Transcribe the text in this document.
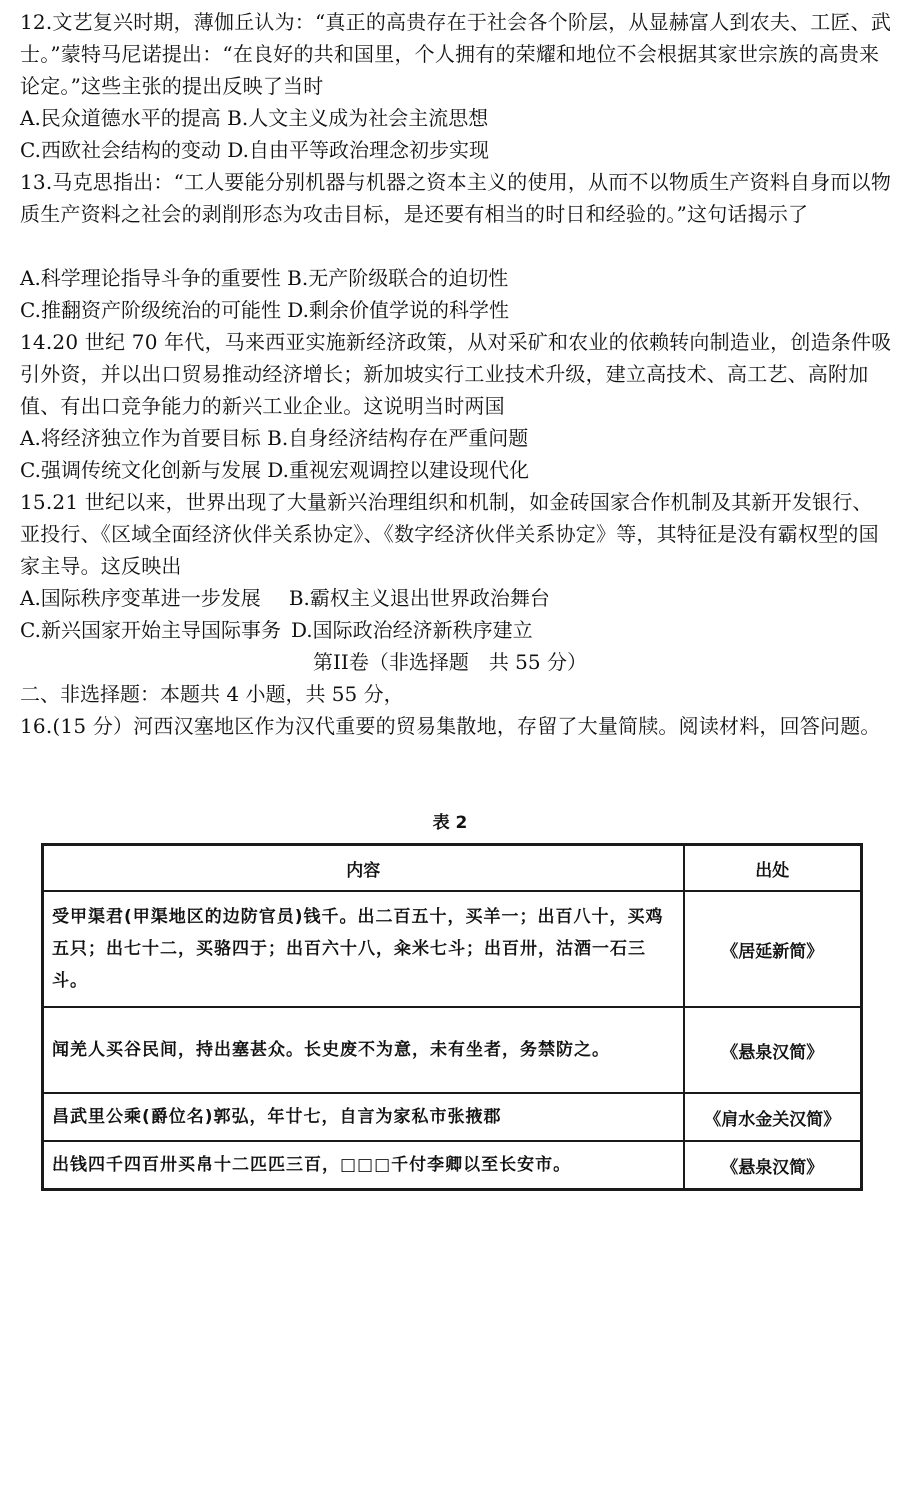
12.文艺复兴时期，薄伽丘认为：“真正的高贵存在于社会各个阶层，从显赫富人到农夫、工匠、武士。”蒙特马尼诺提出：“在良好的共和国里，个人拥有的荣耀和地位不会根据其家世宗族的高贵来论定。”这些主张的提出反映了当时

A.民众道德水平的提高 B.人文主义成为社会主流思想
C.西欧社会结构的变动 D.自由平等政治理念初步实现

13.马克思指出：“工人要能分别机器与机器之资本主义的使用，从而不以物质生产资料自身而以物质生产资料之社会的剥削形态为攻击目标，是还要有相当的时日和经验的。”这句话揭示了

A.科学理论指导斗争的重要性 B.无产阶级联合的迫切性
C.推翻资产阶级统治的可能性 D.剩余价值学说的科学性

14.20 世纪 70 年代，马来西亚实施新经济政策，从对采矿和农业的依赖转向制造业，创造条件吸引外资，并以出口贸易推动经济增长；新加坡实行工业技术升级，建立高技术、高工艺、高附加值、有出口竞争能力的新兴工业企业。这说明当时两国

A.将经济独立作为首要目标 B.自身经济结构存在严重问题
C.强调传统文化创新与发展 D.重视宏观调控以建设现代化

15.21 世纪以来，世界出现了大量新兴治理组织和机制，如金砖国家合作机制及其新开发银行、亚投行、《区域全面经济伙伴关系协定》、《数字经济伙伴关系协定》等，其特征是没有霸权型的国家主导。这反映出

A.国际秩序变革进一步发展 B.霸权主义退出世界政治舞台
C.新兴国家开始主导国际事务 D.国际政治经济新秩序建立
第II卷（非选择题　共 55 分）
二、非选择题：本题共 4 小题，共 55 分，

16.(15 分）河西汉塞地区作为汉代重要的贸易集散地，存留了大量简牍。阅读材料，回答问题。

表 2
内容	出处
受甲渠君(甲渠地区的边防官员)钱千。出二百五十，买羊一；出百八十，买鸡五只；出七十二，买骆四于；出百六十八，籴米七斗；出百卅，沽酒一石三斗。	《居延新简》
闻羌人买谷民间，持出塞甚众。长史废不为意，未有坐者，务禁防之。	《悬泉汉简》
昌武里公乘(爵位名)郭弘，年廿七，自言为家私市张掖郡	《肩水金关汉简》
出钱四千四百卅买帛十二匹匹三百，□□□千付李卿以至长安市。	《悬泉汉简》
